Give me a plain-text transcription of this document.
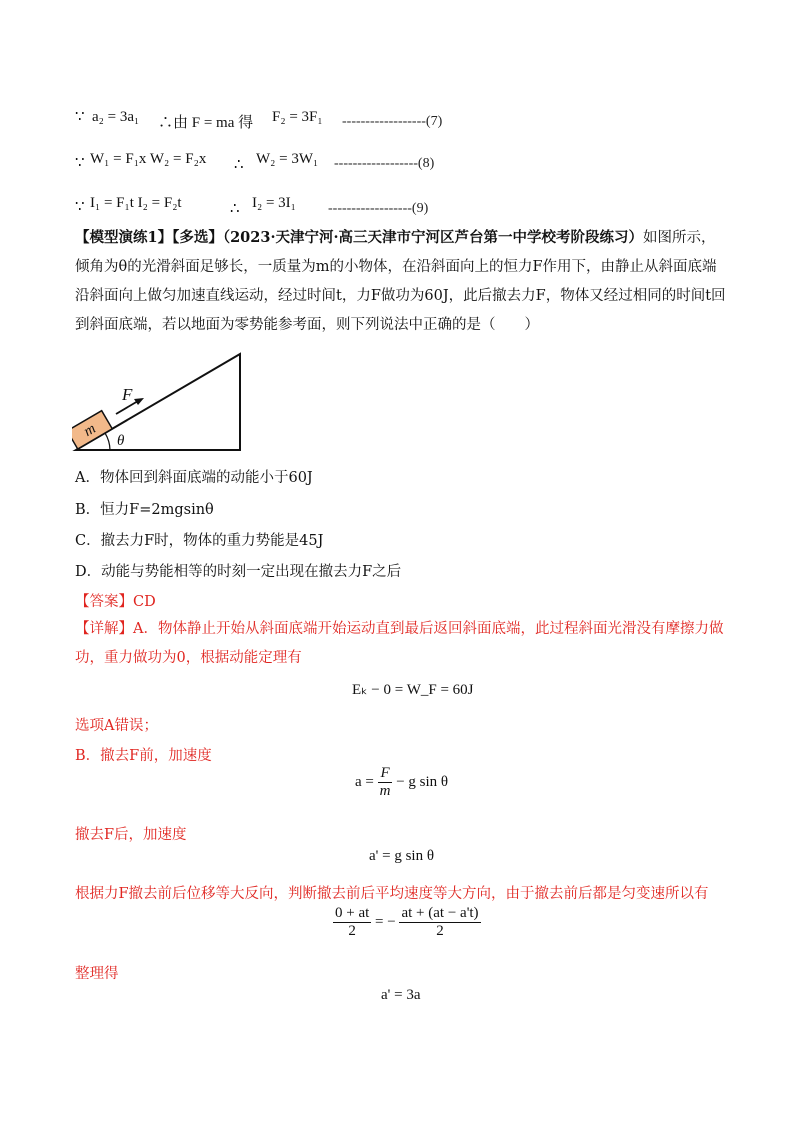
∵ a₂ = 3a₁ ∴由 F = ma 得 F₂ = 3F₁ ------------------(7)
∵ W₁ = F₁x W₂ = F₂x ∴ W₂ = 3W₁ ------------------(8)
∵ I₁ = F₁t I₂ = F₂t	∴ I₂ = 3I₁ ------------------(9)
【模型演练1】【多选】（2023·天津宁河·高三天津市宁河区芦台第一中学校考阶段练习）如图所示，倾角为θ的光滑斜面足够长，一质量为m的小物体，在沿斜面向上的恒力F作用下，由静止从斜面底端沿斜面向上做匀加速直线运动，经过时间t，力F做功为60J，此后撤去力F，物体又经过相同的时间t回到斜面底端，若以地面为零势能参考面，则下列说法中正确的是（　　）
m
F
θ
A．物体回到斜面底端的动能小于60J
B．恒力F=2mgsinθ
C．撤去力F时，物体的重力势能是45J
D．动能与势能相等的时刻一定出现在撤去力F之后
【答案】CD
【详解】A．物体静止开始从斜面底端开始运动直到最后返回斜面底端，此过程斜面光滑没有摩擦力做功，重力做功为0，根据动能定理有
Eₖ − 0 = W_F = 60J
选项A错误；
B．撤去F前，加速度
$a = \frac{F}{m} - g$ sin θ
撤去F后，加速度
a' = g sin θ
根据力F撤去前后位移等大反向，判断撤去前后平均速度等大方向，由于撤去前后都是匀变速所以有
$\frac{0 + at}{2}$ = − $\frac{at + (at - a't)}{2}$
整理得
a' = 3a
